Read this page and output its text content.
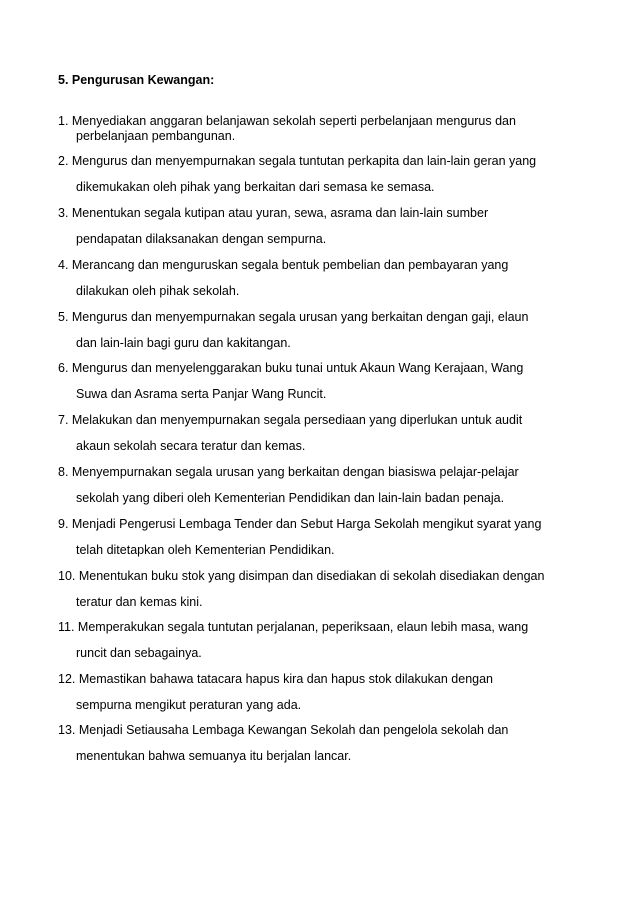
5. Pengurusan Kewangan:
1. Menyediakan anggaran belanjawan sekolah seperti perbelanjaan mengurus dan
perbelanjaan pembangunan.
2. Mengurus dan menyempurnakan segala tuntutan perkapita dan lain-lain geran yang
dikemukakan oleh pihak yang berkaitan dari semasa ke semasa.
3. Menentukan segala kutipan atau yuran, sewa, asrama dan lain-lain sumber
pendapatan dilaksanakan dengan sempurna.
4. Merancang dan menguruskan segala bentuk pembelian dan pembayaran yang
dilakukan oleh pihak sekolah.
5. Mengurus dan menyempurnakan segala urusan yang berkaitan dengan gaji, elaun
dan lain-lain bagi guru dan kakitangan.
6. Mengurus dan menyelenggarakan buku tunai untuk Akaun Wang Kerajaan, Wang
Suwa dan Asrama serta Panjar Wang Runcit.
7. Melakukan dan menyempurnakan segala persediaan yang diperlukan untuk audit
akaun sekolah secara teratur dan kemas.
8. Menyempurnakan segala urusan yang berkaitan dengan biasiswa pelajar-pelajar
sekolah yang diberi oleh Kementerian Pendidikan dan lain-lain badan penaja.
9. Menjadi Pengerusi Lembaga Tender dan Sebut Harga Sekolah mengikut syarat yang
telah ditetapkan oleh Kementerian Pendidikan.
10. Menentukan buku stok yang disimpan dan disediakan di sekolah disediakan dengan
teratur dan kemas kini.
11. Memperakukan segala tuntutan perjalanan, peperiksaan, elaun lebih masa, wang
runcit dan sebagainya.
12. Memastikan bahawa tatacara hapus kira dan hapus stok dilakukan dengan
sempurna mengikut peraturan yang ada.
13. Menjadi Setiausaha Lembaga Kewangan Sekolah dan pengelola sekolah dan
menentukan bahwa semuanya itu berjalan lancar.
